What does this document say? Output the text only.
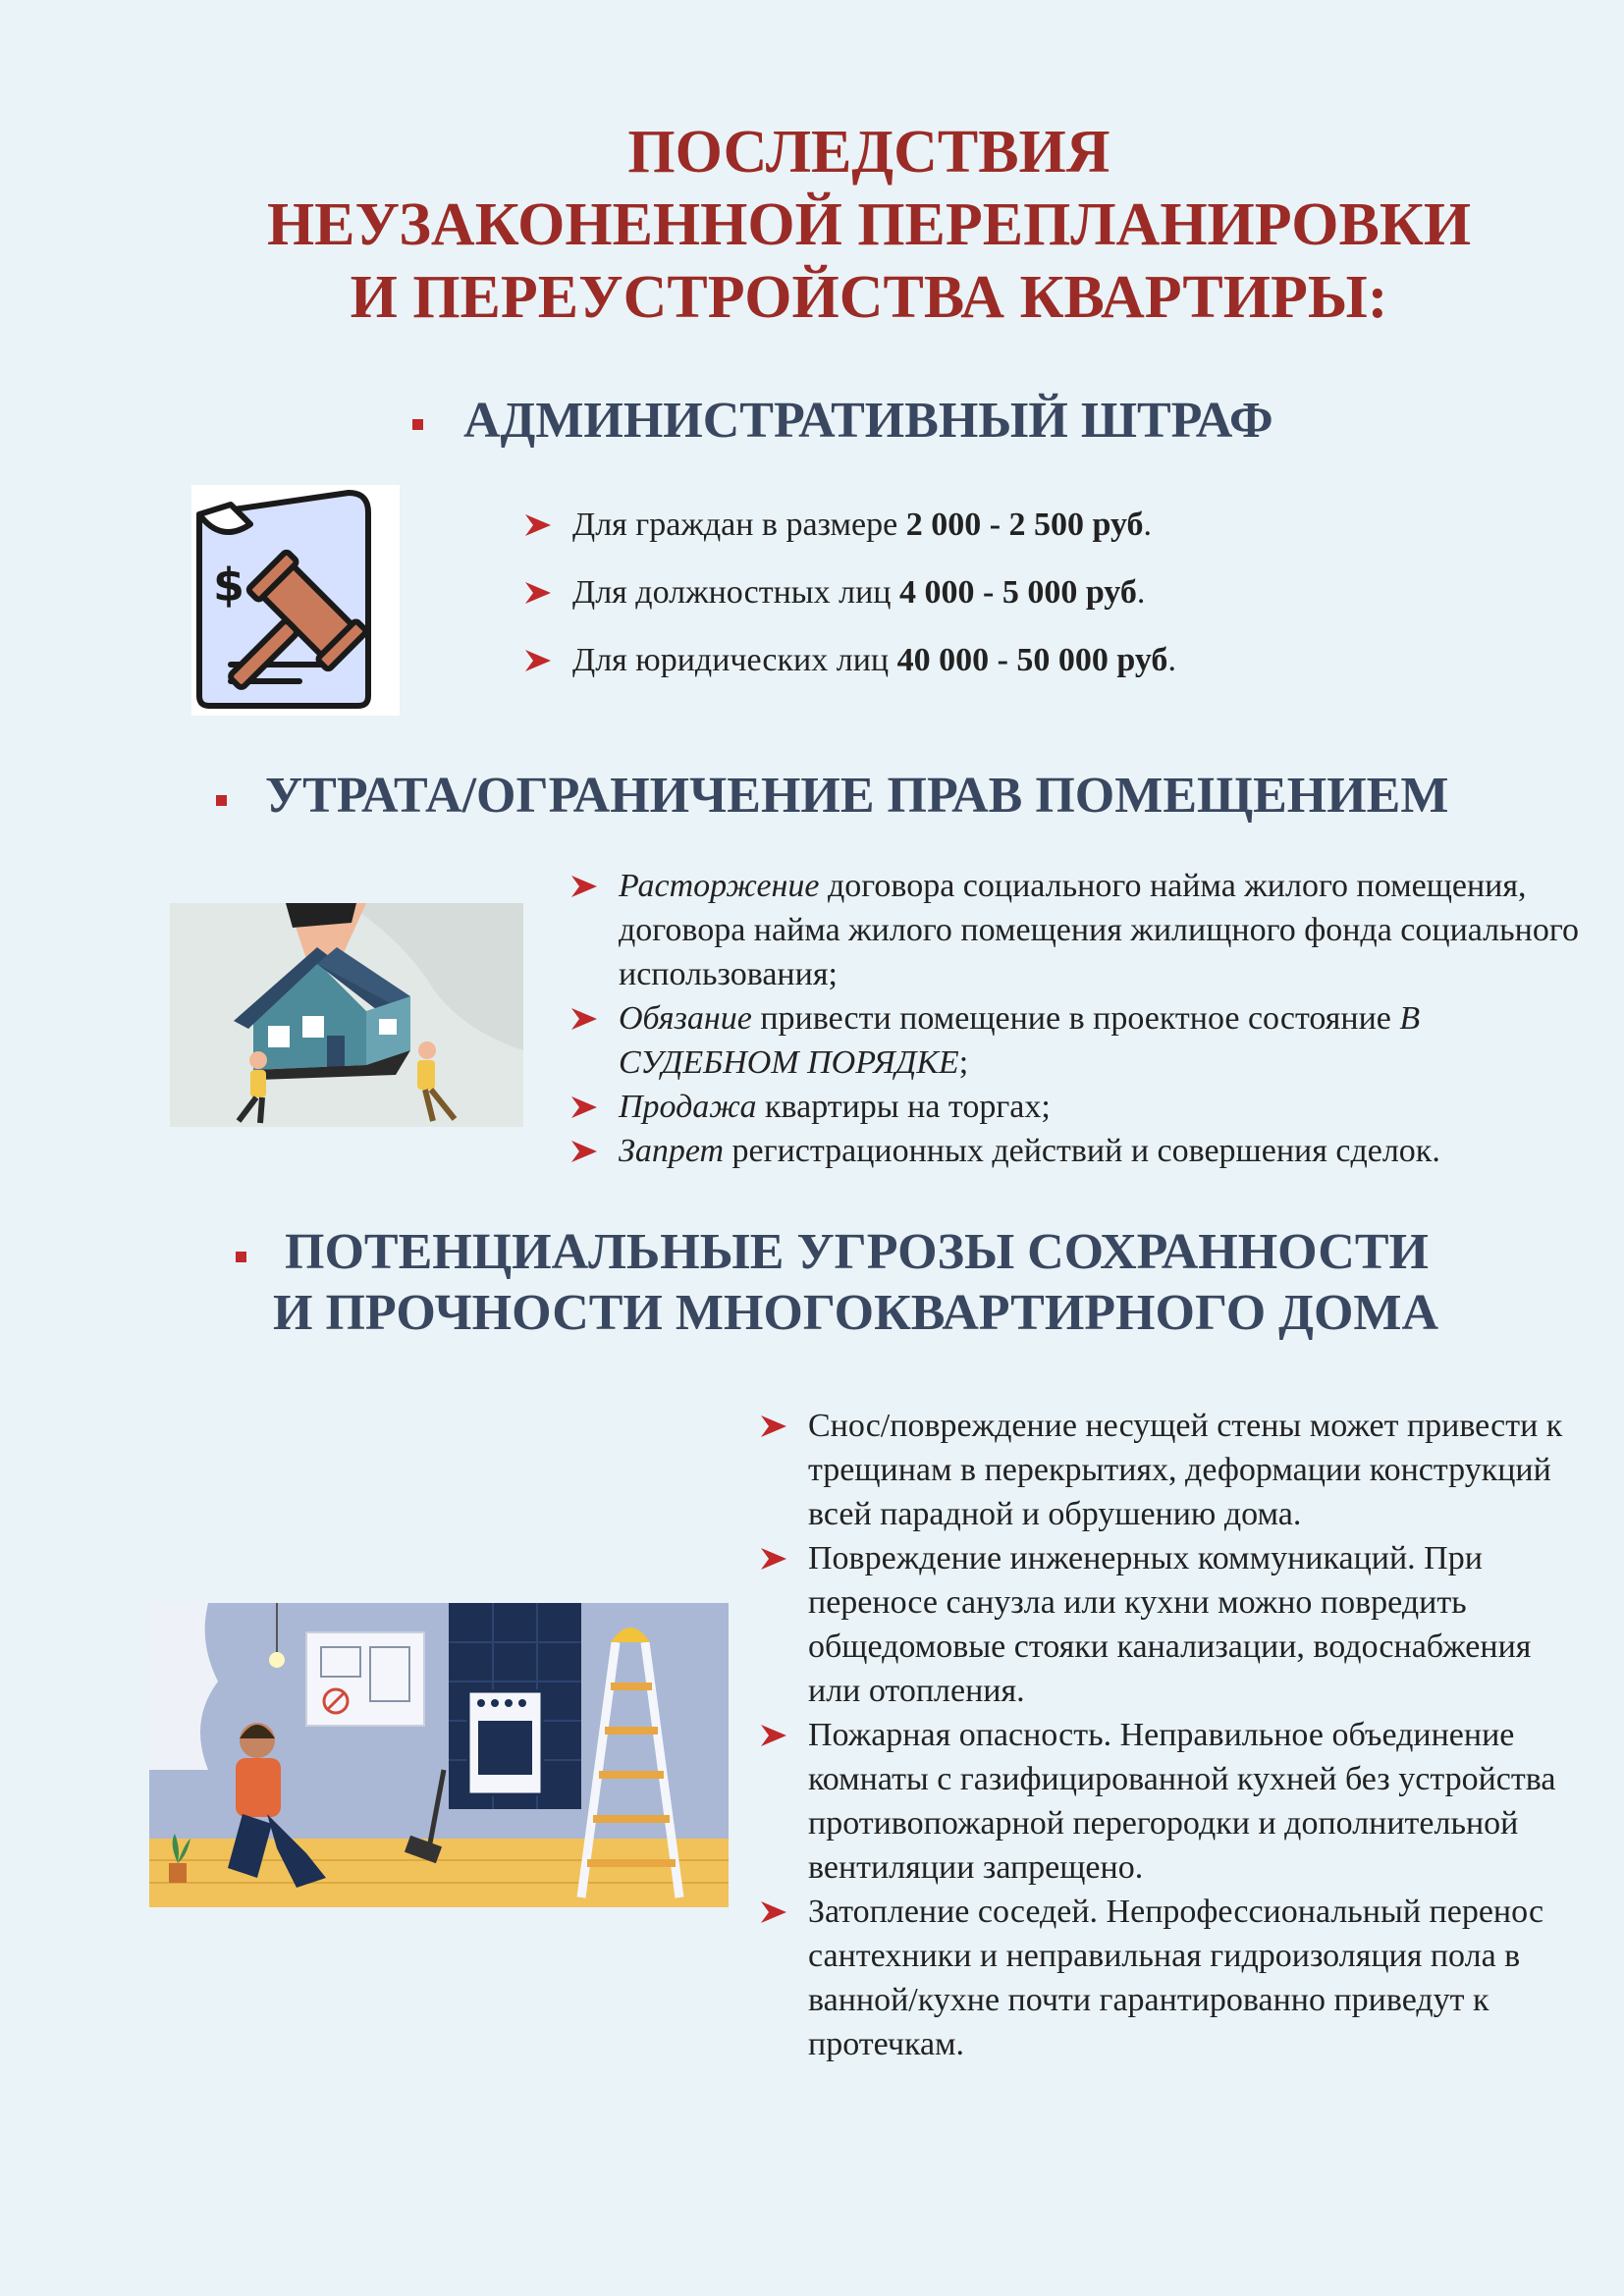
ПОСЛЕДСТВИЯ
НЕУЗАКОНЕННОЙ ПЕРЕПЛАНИРОВКИ
И ПЕРЕУСТРОЙСТВА КВАРТИРЫ:
АДМИНИСТРАТИВНЫЙ ШТРАФ
$
Для граждан в размере 2 000 - 2 500 руб.
Для должностных лиц 4 000 - 5 000 руб.
Для юридических лиц 40 000 - 50 000 руб.
УТРАТА/ОГРАНИЧЕНИЕ ПРАВ ПОМЕЩЕНИЕМ
Расторжение договора социального найма жилого помещения, договора найма жилого помещения жилищного фонда социального использования;
Обязание привести помещение в проектное состояние В СУДЕБНОМ ПОРЯДКЕ;
Продажа квартиры на торгах;
Запрет регистрационных действий и совершения сделок.
ПОТЕНЦИАЛЬНЫЕ УГРОЗЫ СОХРАННОСТИ
И ПРОЧНОСТИ МНОГОКВАРТИРНОГО ДОМА
Снос/повреждение несущей стены может привести к трещинам в перекрытиях, деформации конструкций всей парадной и обрушению дома.
Повреждение инженерных коммуникаций. При переносе санузла или кухни можно повредить общедомовые стояки канализации, водоснабжения или отопления.
Пожарная опасность. Неправильное объединение комнаты с газифицированной кухней без устройства противопожарной перегородки и дополнительной вентиляции запрещено.
Затопление соседей. Непрофессиональный перенос сантехники и неправильная гидроизоляция пола в ванной/кухне почти гарантированно приведут к протечкам.
